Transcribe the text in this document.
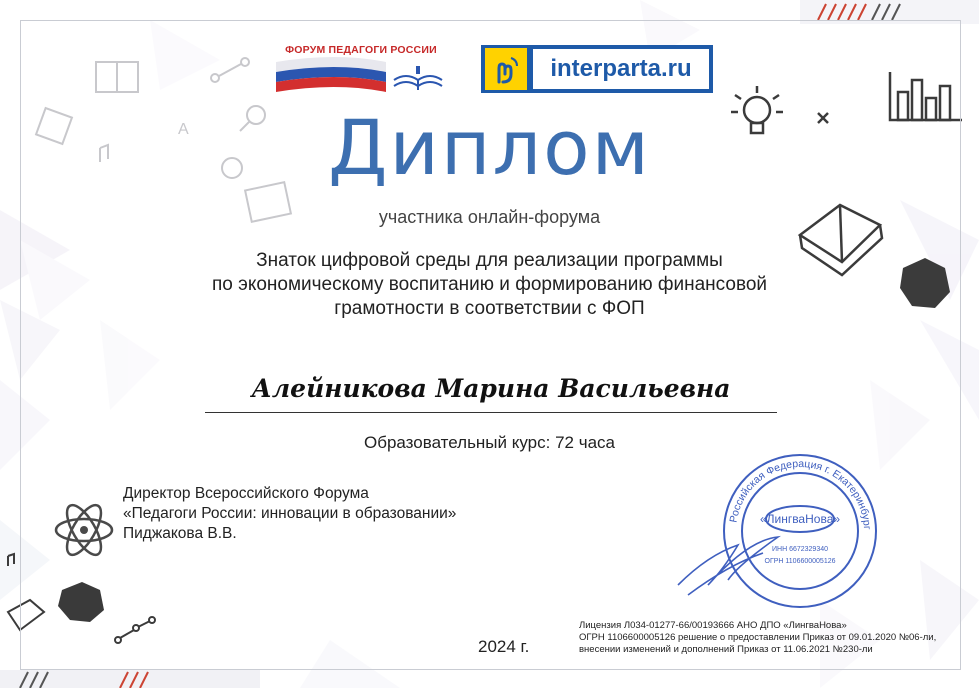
A
ФОРУМ ПЕДАГОГИ РОССИИ
interparta.ru
Диплом
участника онлайн-форума
Знаток цифровой среды для реализации программы
по экономическому воспитанию и формированию финансовой
грамотности в соответствии с ФОП
Алейникова Марина Васильевна
Образовательный курс: 72 часа
Директор Всероссийского Форума
«Педагоги России: инновации в образовании»
Пиджакова В.В.
Российская Федерация г. Екатеринбург
«ЛингваНова»
ИНН 6672329340
ОГРН 1106600005126
2024 г.
Лицензия Л034-01277-66/00193666 АНО ДПО «ЛингваНова»
ОГРН 1106600005126 решение о предоставлении Приказ от 09.01.2020 №06-ли,
внесении изменений и дополнений Приказ от 11.06.2021 №230-ли
